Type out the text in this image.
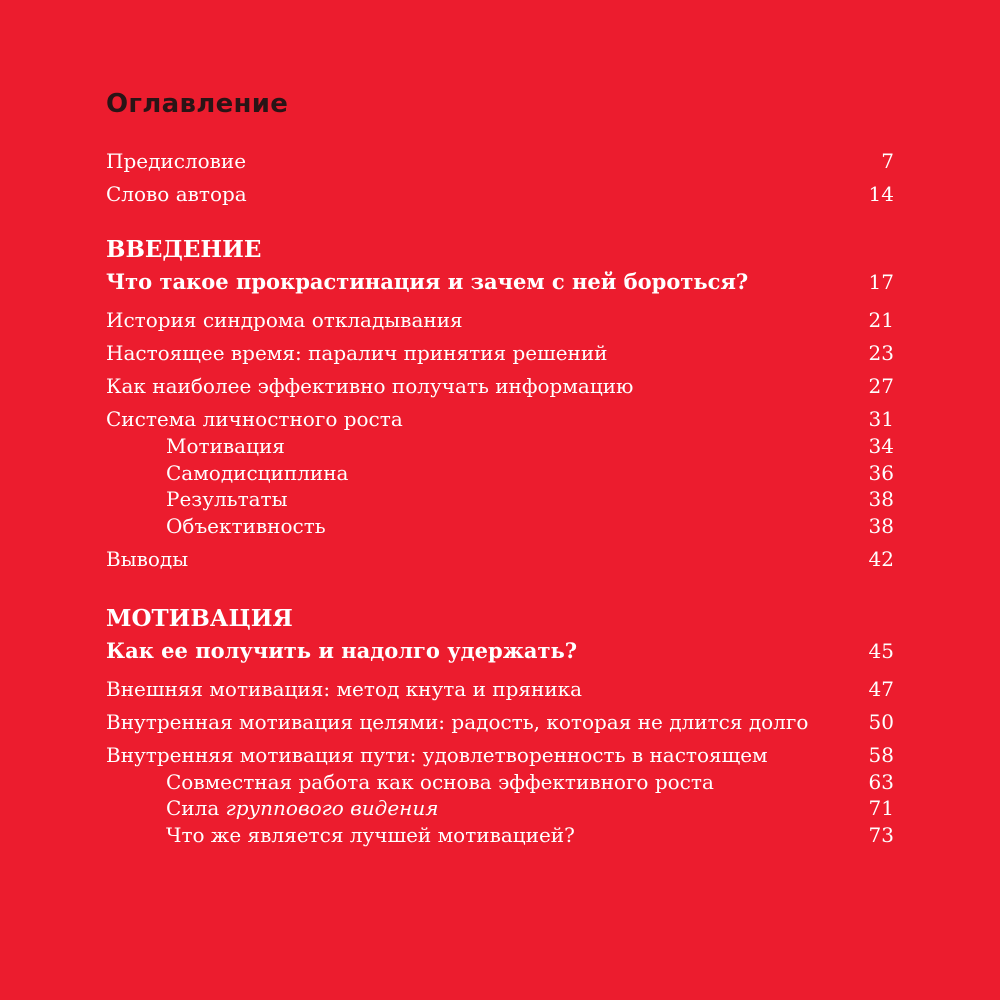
Оглавление
Предисловие	7
Слово автора	14
ВВЕДЕНИЕ
Что такое прокрастинация и зачем с ней бороться?	17
История синдрома откладывания	21
Настоящее время: паралич принятия решений	23
Как наиболее эффективно получать информацию	27
Система личностного роста	31
Мотивация	34
Самодисциплина	36
Результаты	38
Объективность	38
Выводы	42
МОТИВАЦИЯ
Как ее получить и надолго удержать?	45
Внешняя мотивация: метод кнута и пряника	47
Внутренная мотивация целями: радость, которая не длится долго	50
Внутренняя мотивация пути: удовлетворенность в настоящем	58
Совместная работа как основа эффективного роста	63
Сила группового видения	71
Что же является лучшей мотивацией?	73
